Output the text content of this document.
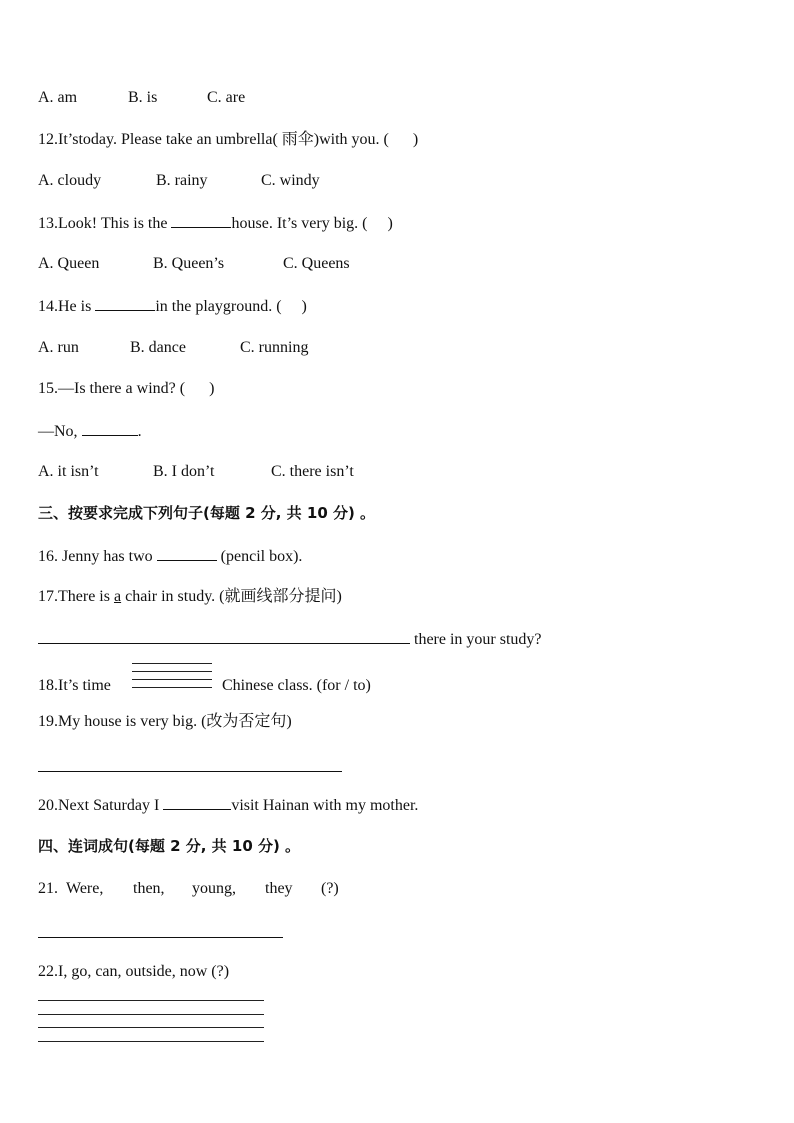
A. am	B. is	C. are
12.It’stoday. Please take an umbrella( 雨伞)with you. (      )
A. cloudy	B. rainy	C. windy
13.Look! This is the	house. It’s very big. (     )
A. Queen	B. Queen’s	C. Queens
14.He is	in the playground. (     )
A. run	B. dance	C. running
15.—Is there a wind? (      )
—No,	.
A. it isn’t	B. I don’t	C. there isn’t
三、按要求完成下列句子(每题 2 分, 共 10 分) 。
16. Jenny has two	(pencil box).
17.There is a chair in study. (就画线部分提问)
there in your study?
18.It’s time	Chinese class. (for / to)
19.My house is very big. (改为否定句)
20.Next Saturday I	visit Hainan with my mother.
四、连词成句(每题 2 分, 共 10 分) 。
21. Were, then, young, they (?)
22.I, go, can, outside, now (?)
